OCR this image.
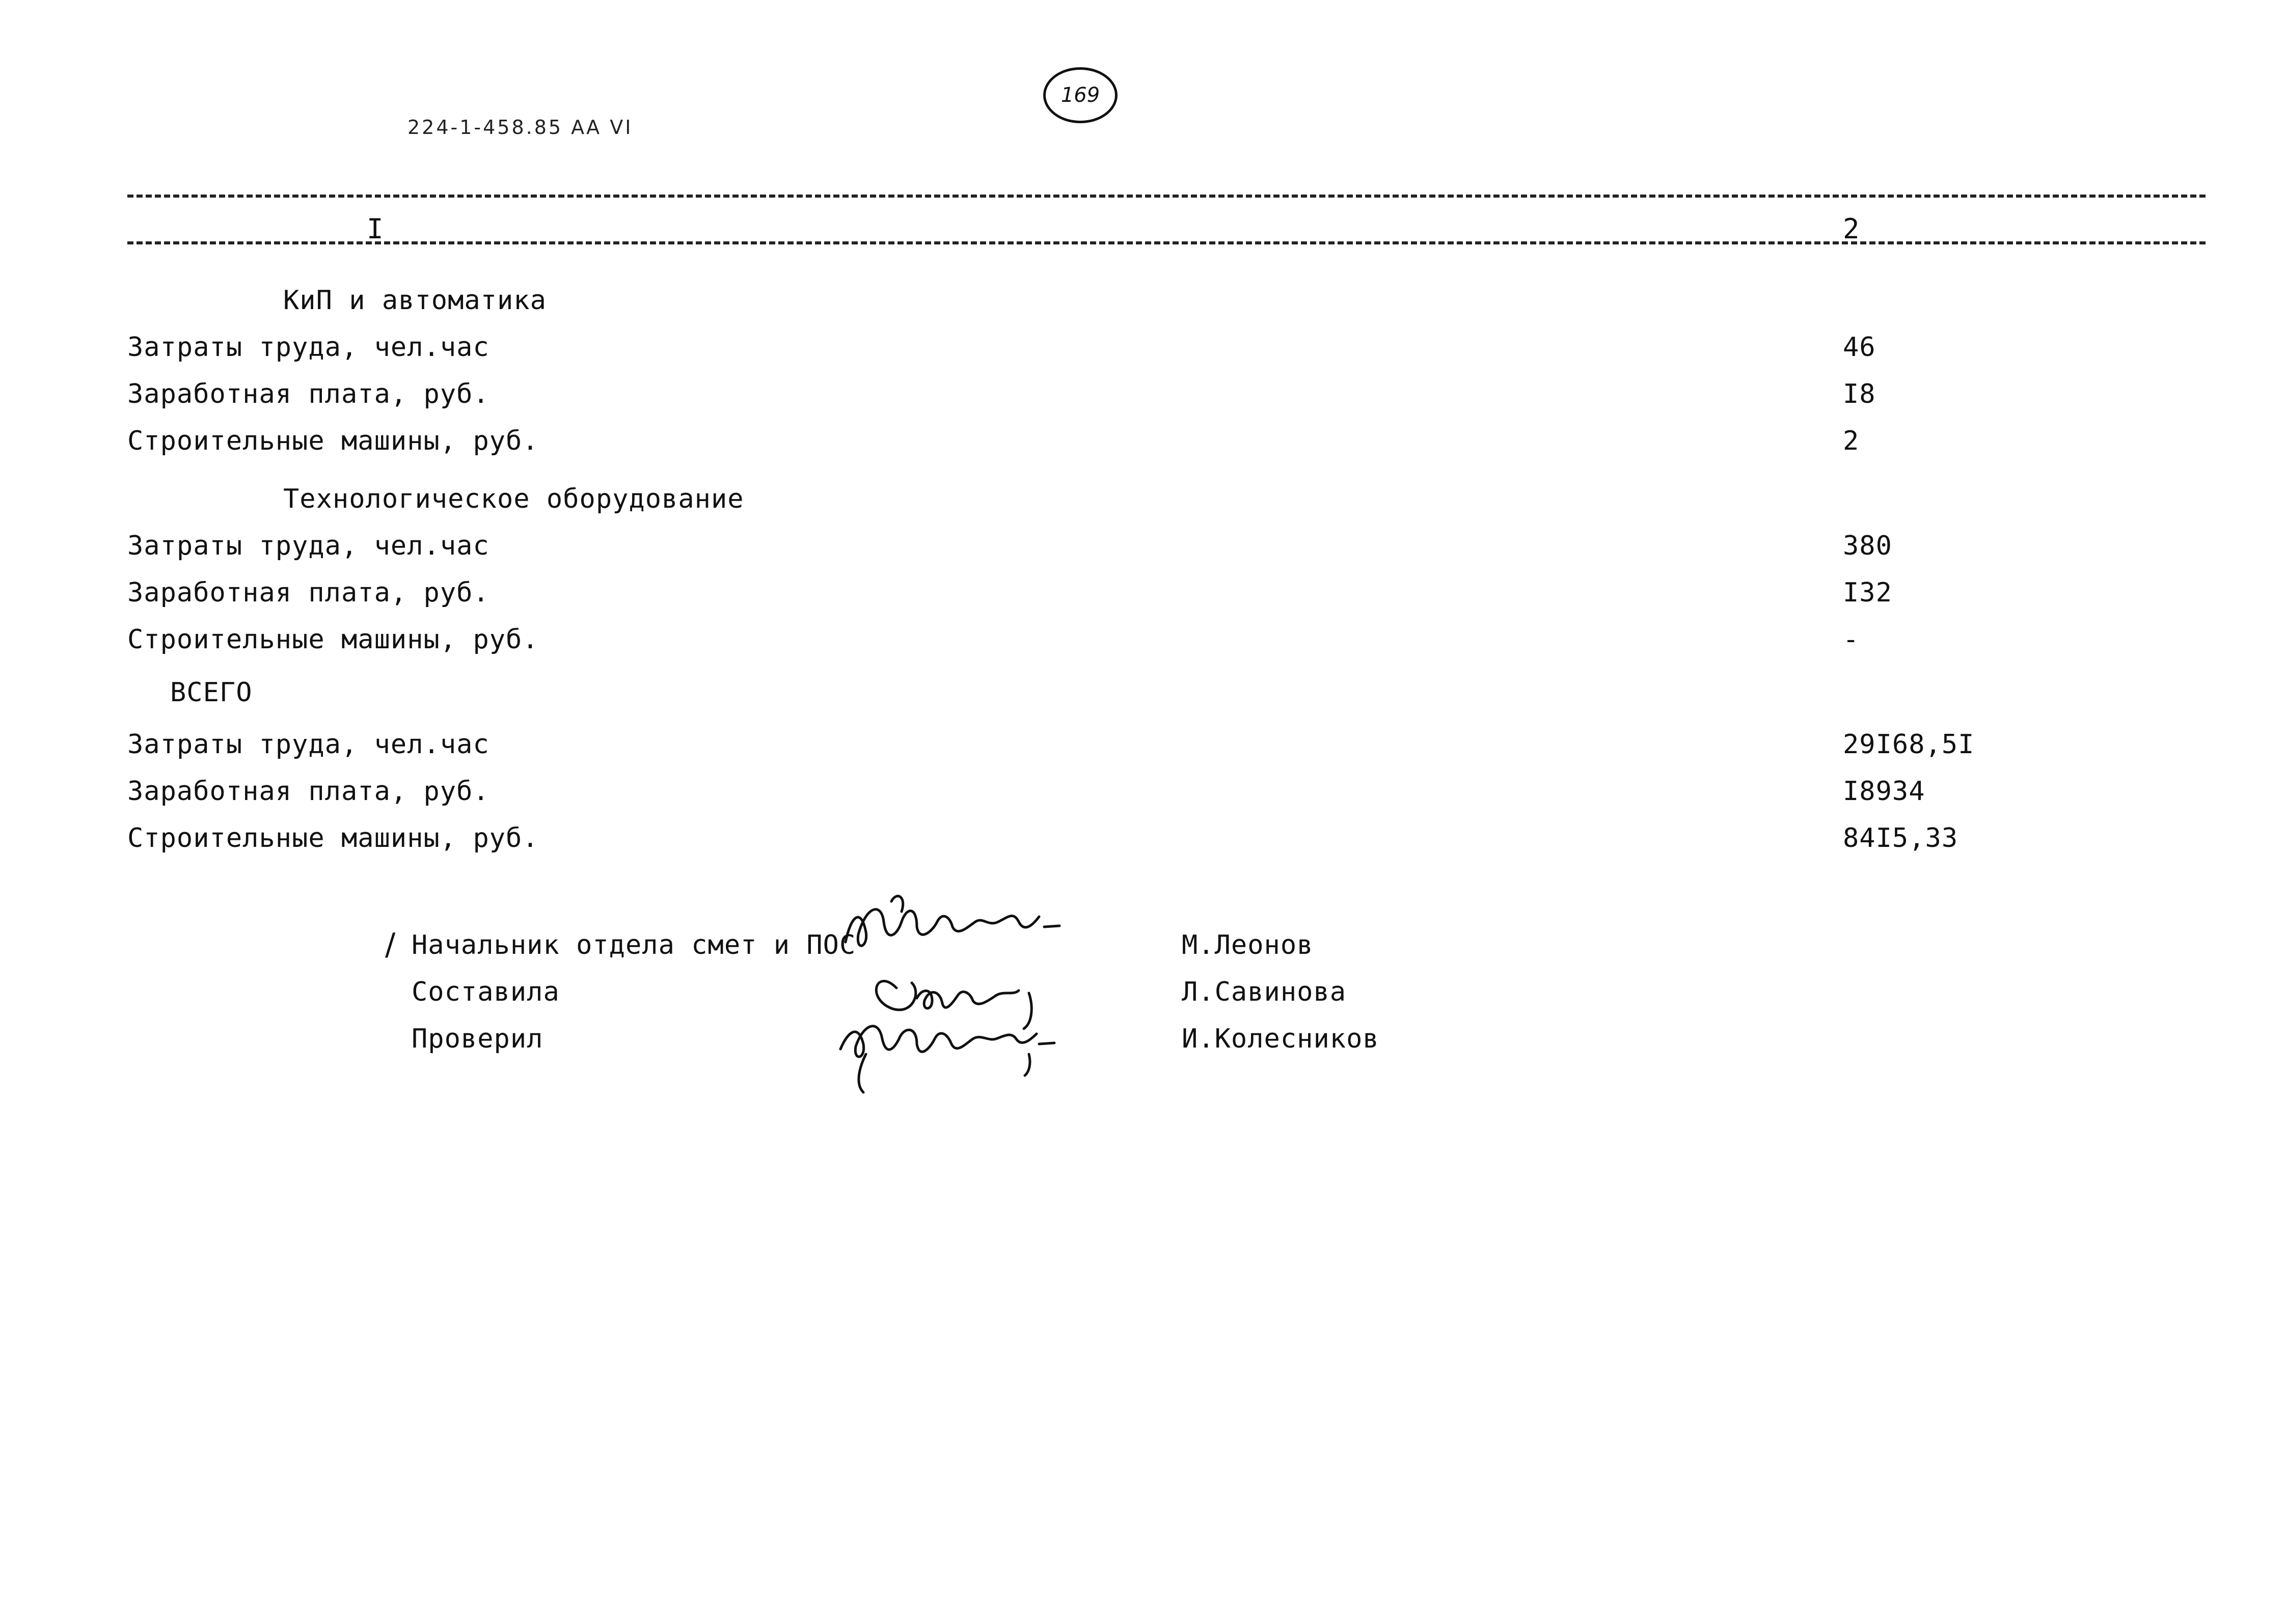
169
224-1-458.85 АА VI
I	2
КиП и автоматика
Затраты труда, чел.час	46
Заработная плата, руб.	I8
Строительные машины, руб.	2
Технологическое оборудование
Затраты труда, чел.час	380
Заработная плата, руб.	I32
Строительные машины, руб.	-
ВСЕГО
Затраты труда, чел.час	29I68,5I
Заработная плата, руб.	I8934
Строительные машины, руб.	84I5,33
/ Начальник отдела смет и ПОС	М.Леонов
Составила	Л.Савинова
Проверил	И.Колесников
